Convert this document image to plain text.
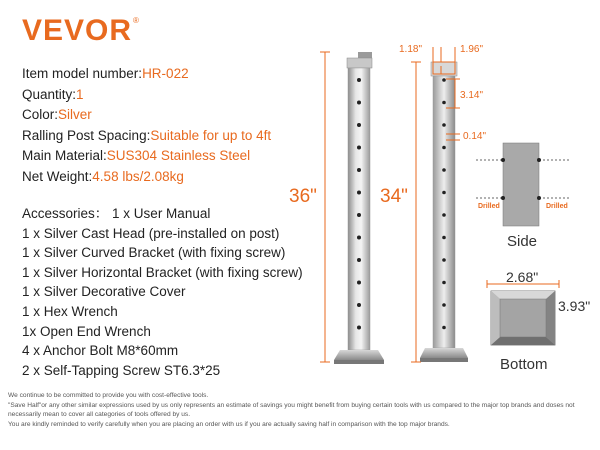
VEVOR®
Item model number:HR-022
Quantity:1
Color:Silver
Ralling Post Spacing:Suitable for up to 4ft
Main Material:SUS304 Stainless Steel
Net Weight:4.58 lbs/2.08kg
Accessories： 1 x User Manual
1 x Silver Cast Head (pre-installed on post)
1 x Silver Curved Bracket (with fixing screw)
1 x Silver Horizontal Bracket (with fixing screw)
1 x Silver Decorative Cover
1 x Hex Wrench
1x Open End Wrench
4 x Anchor Bolt M8*60mm
2 x Self-Tapping Screw ST6.3*25
36"	34"
1.18"	1.96"
3.14"
0.14"
Drilled	Drilled
Side
2.68"
3.93"
Bottom
We continue to be committed to provide you with cost-effective tools.
"Save Half"or any other similar expressions used by us only represents an estimate of savings you might benefit from buying certain tools with us compared to the major top brands and doses not necessarily mean to cover all categories of tools offered by us.
You are kindly reminded to verify carefully when you are placing an order with us if you are actually saving half in comparison with the top major brands.
